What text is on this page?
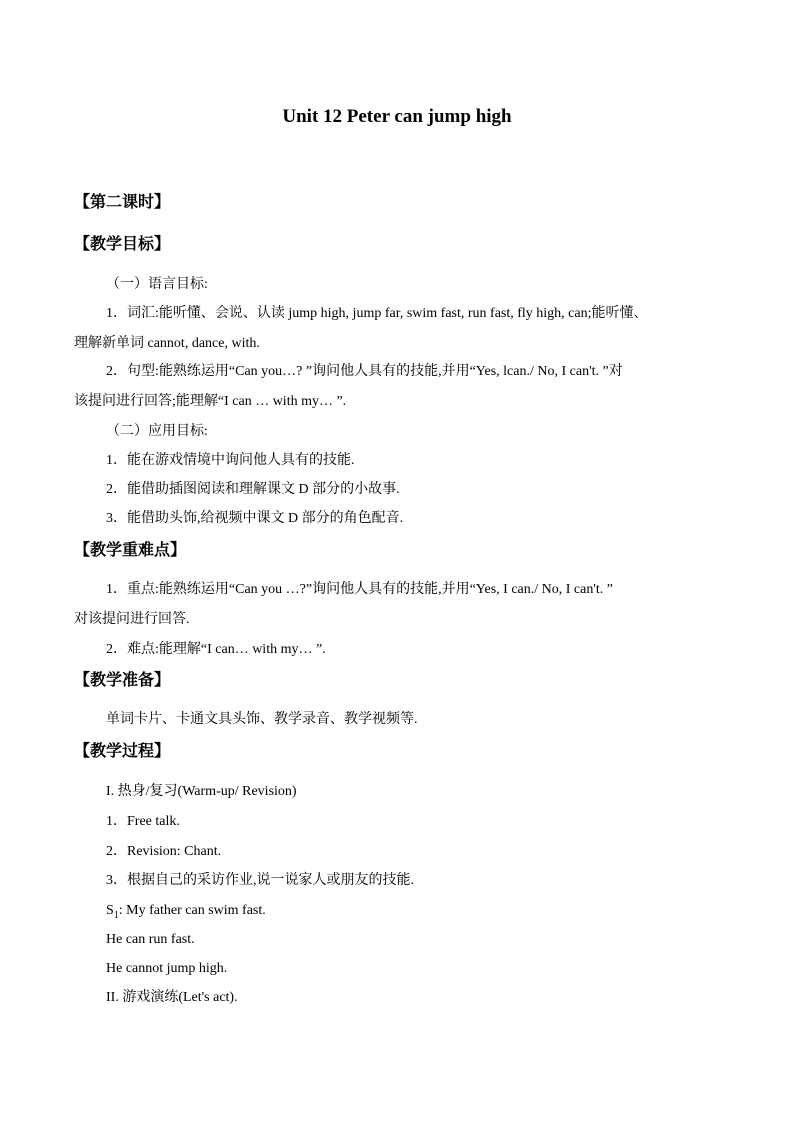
Unit 12 Peter can jump high
【第二课时】
【教学目标】
（一）语言目标:
1．词汇:能听懂、会说、认读 jump high, jump far, swim fast, run fast, fly high, can;能听懂、
理解新单词 cannot, dance, with.
2．句型:能熟练运用“Can you…? ”询问他人具有的技能,并用“Yes, lcan./ No, I can't. ”对
该提问进行回答;能理解“I can … with my… ”.
（二）应用目标:
1．能在游戏情境中询问他人具有的技能.
2．能借助插图阅读和理解课文 D 部分的小故事.
3．能借助头饰,给视频中课文 D 部分的角色配音.
【教学重难点】
1．重点:能熟练运用“Can you …?”询问他人具有的技能,并用“Yes, I can./ No, I can't. ”
对该提问进行回答.
2．难点:能理解“I can… with my… ”.
【教学准备】
单词卡片、卡通文具头饰、教学录音、教学视频等.
【教学过程】
I. 热身/复习(Warm-up/ Revision)
1．Free talk.
2．Revision: Chant.
3．根据自己的采访作业,说一说家人或朋友的技能.
$S_1$: My father can swim fast.
He can run fast.
He cannot jump high.
II. 游戏演练(Let's act).
